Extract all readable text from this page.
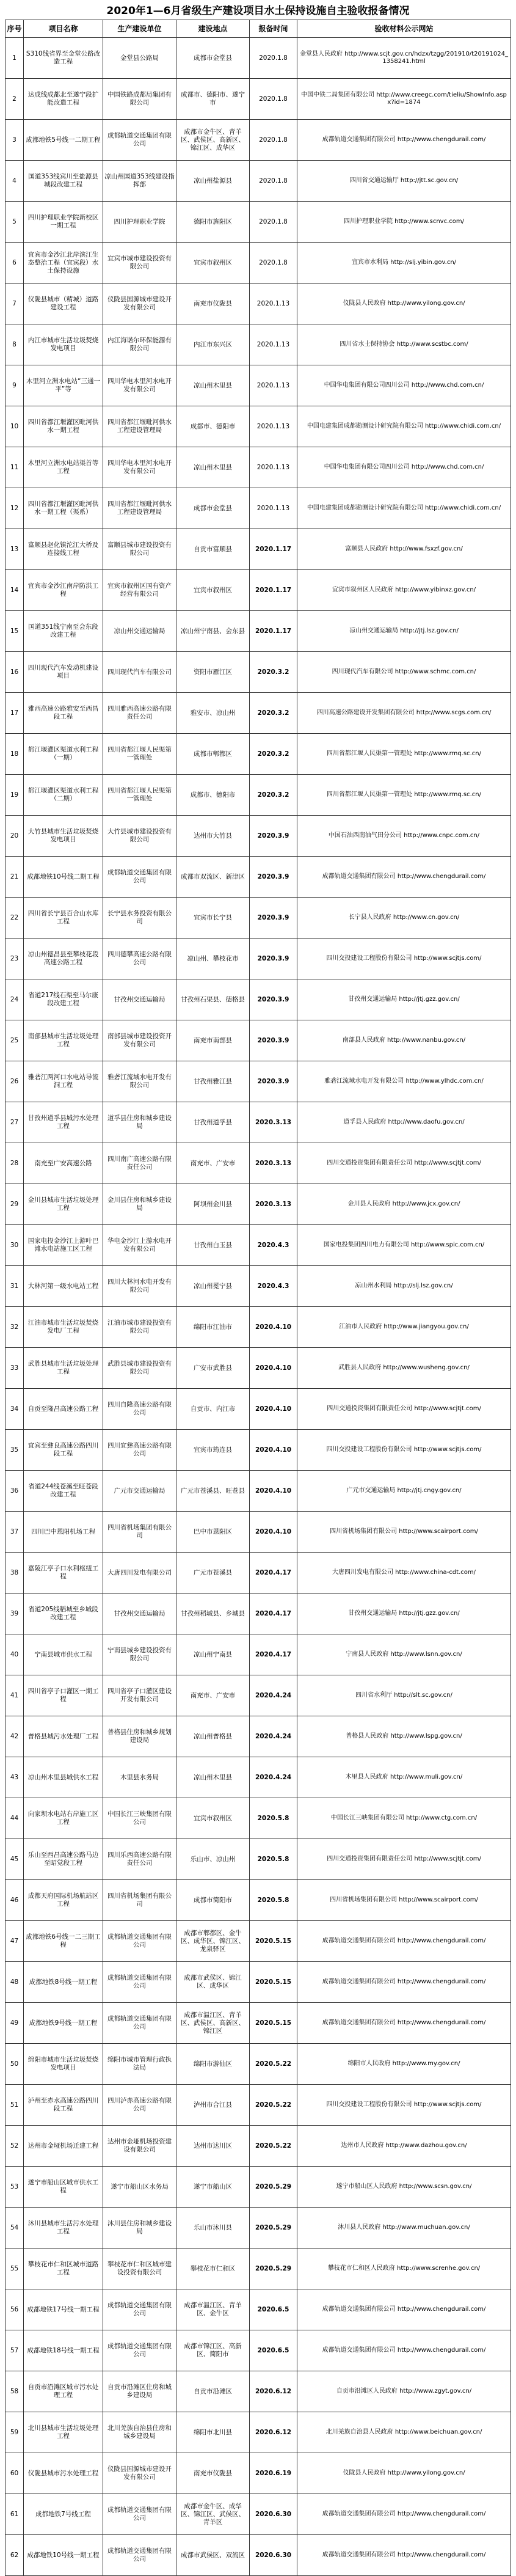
2020年1—6月省级生产建设项目水土保持设施自主验收报备情况
序号	项目名称	生产建设单位	建设地点	报备时间	验收材料公示网站
1	S310线省界至金堂公路改造工程	金堂县公路局	成都市金堂县	2020.1.8	金堂县人民政府 http://www.scjt.gov.cn/hdzx/tzgg/201910/t20191024_1358241.html
2	达成线成都北至遂宁段扩能改造工程	中国铁路成都局集团有限公司	成都市、德阳市、遂宁市	2020.1.8	中国中铁二局集团有限公司 http://www.creegc.com/tieliu/ShowInfo.aspx?id=1874
3	成都地铁5号线一二期工程	成都轨道交通集团有限公司	成都市金牛区、青羊区、武侯区、高新区、锦江区、成华区	2020.1.8	成都轨道交通集团有限公司 http://www.chengdurail.com/
4	国道353线宾川至盐源县城段改建工程	凉山州国道353线建设指挥部	凉山州盐源县	2020.1.8	四川省交通运输厅 http://jtt.sc.gov.cn/
5	四川护理职业学院新校区一期工程	四川护理职业学院	德阳市旌阳区	2020.1.8	四川护理职业学院 http://www.scnvc.com/
6	宜宾市金沙江北岸滨江生态整治工程（宜宾段）水土保持设施	宜宾市城市建设投资有限公司	宜宾市叙州区	2020.1.8	宜宾市水利局 http://slj.yibin.gov.cn/
7	仪陇县城市（精城）道路建设工程	仪陇县国源城市建设开发有限公司	南充市仪陇县	2020.1.13	仪陇县人民政府 http://www.yilong.gov.cn/
8	内江市城市生活垃圾焚烧发电项目	内江海诺尔环保能源有限公司	内江市东兴区	2020.1.13	四川省水土保持协会 http://www.scstbc.com/
9	木里河立洲水电站“三通一平”等	四川华电木里河水电开发有限公司	凉山州木里县	2020.1.13	中国华电集团有限公司四川公司 http://www.chd.com.cn/
10	四川省都江堰灌区毗河供水一期工程	四川省都江堰毗河供水工程建设管理局	成都市、德阳市	2020.1.13	中国电建集团成都勘测设计研究院有限公司 http://www.chidi.com.cn/
11	木里河立洲水电站渠首等工程	四川华电木里河水电开发有限公司	凉山州木里县	2020.1.13	中国华电集团有限公司四川公司 http://www.chd.com.cn/
12	四川省都江堰灌区毗河供水一期工程（渠系）	四川省都江堰毗河供水工程建设管理局	成都市金堂县	2020.1.13	中国电建集团成都勘测设计研究院有限公司 http://www.chidi.com.cn/
13	富顺县赵化镇沱江大桥及连接线工程	富顺县城市建设投资有限公司	自贡市富顺县	2020.1.17	富顺县人民政府 http://www.fsxzf.gov.cn/
14	宜宾市金沙江南岸防洪工程	宜宾市叙州区国有资产经营有限公司	宜宾市叙州区	2020.1.17	宜宾市叙州区人民政府 http://www.yibinxz.gov.cn/
15	国道351线宁南至会东段改建工程	凉山州交通运输局	凉山州宁南县、会东县	2020.1.17	凉山州交通运输局 http://jtj.lsz.gov.cn/
16	四川现代汽车发动机建设项目	四川现代汽车有限公司	资阳市雁江区	2020.3.2	四川现代汽车有限公司 http://www.schmc.com.cn/
17	雅西高速公路雅安至西昌段工程	四川雅西高速公路有限责任公司	雅安市、凉山州	2020.3.2	四川高速公路建设开发集团有限公司 http://www.scgs.com.cn/
18	都江堰灌区渠道水利工程（一期）	四川省都江堰人民渠第一管理处	成都市郫都区	2020.3.2	四川省都江堰人民渠第一管理处 http://www.rmq.sc.cn/
19	都江堰灌区渠道水利工程（二期）	四川省都江堰人民渠第一管理处	成都市、德阳市	2020.3.2	四川省都江堰人民渠第一管理处 http://www.rmq.sc.cn/
20	大竹县城市生活垃圾焚烧发电项目	大竹县城市建设投资有限公司	达州市大竹县	2020.3.9	中国石油西南油气田分公司 http://www.cnpc.com.cn/
21	成都地铁10号线二期工程	成都轨道交通集团有限公司	成都市双流区、新津区	2020.3.9	成都轨道交通集团有限公司 http://www.chengdurail.com/
22	四川省长宁县百合山水库工程	长宁县水务投资有限公司	宜宾市长宁县	2020.3.9	长宁县人民政府 http://www.cn.gov.cn/
23	凉山州德昌县至攀枝花段高速公路工程	四川德攀高速公路有限公司	凉山州、攀枝花市	2020.3.9	四川交投建设工程股份有限公司 http://www.scjtjs.com/
24	省道217线石渠至马尔康段改建工程	甘孜州交通运输局	甘孜州石渠县、德格县	2020.3.9	甘孜州交通运输局 http://jtj.gzz.gov.cn/
25	南部县城市生活垃圾处理工程	南部县城市建设投资开发有限公司	南充市南部县	2020.3.9	南部县人民政府 http://www.nanbu.gov.cn/
26	雅砻江两河口水电站导流洞工程	雅砻江流域水电开发有限公司	甘孜州雅江县	2020.3.9	雅砻江流域水电开发有限公司 http://www.ylhdc.com.cn/
27	甘孜州道孚县城污水处理工程	道孚县住房和城乡建设局	甘孜州道孚县	2020.3.13	道孚县人民政府 http://www.daofu.gov.cn/
28	南充至广安高速公路	四川南广高速公路有限责任公司	南充市、广安市	2020.3.13	四川交通投资集团有限责任公司 http://www.scjtjt.com/
29	金川县城市生活垃圾处理工程	金川县住房和城乡建设局	阿坝州金川县	2020.3.13	金川县人民政府 http://www.jcx.gov.cn/
30	国家电投金沙江上游叶巴滩水电站施工区工程	华电金沙江上游水电开发有限公司	甘孜州白玉县	2020.4.3	国家电投集团四川电力有限公司 http://www.spic.com.cn/
31	大林河第一级水电站工程	四川大林河水电开发有限公司	凉山州冕宁县	2020.4.3	凉山州水利局 http://slj.lsz.gov.cn/
32	江油市城市生活垃圾焚烧发电厂工程	江油市城市建设投资有限公司	绵阳市江油市	2020.4.10	江油市人民政府 http://www.jiangyou.gov.cn/
33	武胜县城市生活垃圾处理工程	武胜县城市建设投资有限公司	广安市武胜县	2020.4.10	武胜县人民政府 http://www.wusheng.gov.cn/
34	自贡至隆昌高速公路工程	四川自隆高速公路有限公司	自贡市、内江市	2020.4.10	四川交通投资集团有限责任公司 http://www.scjtjt.com/
35	宜宾至彝良高速公路四川段工程	四川宜彝高速公路有限公司	宜宾市筠连县	2020.4.10	四川交投建设工程股份有限公司 http://www.scjtjs.com/
36	省道244线苍溪至旺苍段改建工程	广元市交通运输局	广元市苍溪县、旺苍县	2020.4.10	广元市交通运输局 http://jtj.cngy.gov.cn/
37	四川巴中恩阳机场工程	四川省机场集团有限公司	巴中市恩阳区	2020.4.10	四川省机场集团有限公司 http://www.scairport.com/
38	嘉陵江亭子口水利枢纽工程	大唐四川发电有限公司	广元市苍溪县	2020.4.17	大唐四川发电有限公司 http://www.china-cdt.com/
39	省道205线稻城至乡城段改建工程	甘孜州交通运输局	甘孜州稻城县、乡城县	2020.4.17	甘孜州交通运输局 http://jtj.gzz.gov.cn/
40	宁南县城市供水工程	宁南县城乡建设投资有限公司	凉山州宁南县	2020.4.17	宁南县人民政府 http://www.lsnn.gov.cn/
41	四川省亭子口灌区一期工程	四川省亭子口灌区建设开发有限公司	南充市、广安市	2020.4.24	四川省水利厅 http://slt.sc.gov.cn/
42	普格县城污水处理厂工程	普格县住房和城乡规划建设局	凉山州普格县	2020.4.24	普格县人民政府 http://www.lspg.gov.cn/
43	凉山州木里县城供水工程	木里县水务局	凉山州木里县	2020.4.24	木里县人民政府 http://www.muli.gov.cn/
44	向家坝水电站右岸施工区工程	中国长江三峡集团有限公司	宜宾市叙州区	2020.5.8	中国长江三峡集团有限公司 http://www.ctg.com.cn/
45	乐山至西昌高速公路马边至昭觉段工程	四川乐西高速公路有限责任公司	乐山市、凉山州	2020.5.8	四川交通投资集团有限责任公司 http://www.scjtjt.com/
46	成都天府国际机场航站区工程	四川省机场集团有限公司	成都市简阳市	2020.5.8	四川省机场集团有限公司 http://www.scairport.com/
47	成都地铁6号线一二三期工程	成都轨道交通集团有限公司	成都市郫都区、金牛区、成华区、锦江区、龙泉驿区	2020.5.15	成都轨道交通集团有限公司 http://www.chengdurail.com/
48	成都地铁8号线一期工程	成都轨道交通集团有限公司	成都市武侯区、锦江区、成华区	2020.5.15	成都轨道交通集团有限公司 http://www.chengdurail.com/
49	成都地铁9号线一期工程	成都轨道交通集团有限公司	成都市温江区、青羊区、武侯区、高新区、锦江区	2020.5.15	成都轨道交通集团有限公司 http://www.chengdurail.com/
50	绵阳市城市生活垃圾焚烧发电项目	绵阳市城市管理行政执法局	绵阳市游仙区	2020.5.22	绵阳市人民政府 http://www.my.gov.cn/
51	泸州至赤水高速公路四川段工程	四川泸赤高速公路有限公司	泸州市合江县	2020.5.22	四川交投建设工程股份有限公司 http://www.scjtjs.com/
52	达州市金垭机场迁建工程	达州市金垭机场投资建设有限公司	达州市达川区	2020.5.22	达州市人民政府 http://www.dazhou.gov.cn/
53	遂宁市船山区城市供水工程	遂宁市船山区水务局	遂宁市船山区	2020.5.29	遂宁市船山区人民政府 http://www.scsn.gov.cn/
54	沐川县城市生活污水处理工程	沐川县住房和城乡建设局	乐山市沐川县	2020.5.29	沐川县人民政府 http://www.muchuan.gov.cn/
55	攀枝花市仁和区城市道路工程	攀枝花市仁和区城市建设投资有限公司	攀枝花市仁和区	2020.5.29	攀枝花市仁和区人民政府 http://www.screnhe.gov.cn/
56	成都地铁17号线一期工程	成都轨道交通集团有限公司	成都市温江区、青羊区、金牛区	2020.6.5	成都轨道交通集团有限公司 http://www.chengdurail.com/
57	成都地铁18号线一期工程	成都轨道交通集团有限公司	成都市锦江区、高新区、简阳市	2020.6.5	成都轨道交通集团有限公司 http://www.chengdurail.com/
58	自贡市沿滩区城市污水处理工程	自贡市沿滩区住房和城乡建设局	自贡市沿滩区	2020.6.12	自贡市沿滩区人民政府 http://www.zgyt.gov.cn/
59	北川县城市生活垃圾处理工程	北川羌族自治县住房和城乡建设局	绵阳市北川县	2020.6.12	北川羌族自治县人民政府 http://www.beichuan.gov.cn/
60	仪陇县城市污水处理工程	仪陇县国源城市建设开发有限公司	南充市仪陇县	2020.6.19	仪陇县人民政府 http://www.yilong.gov.cn/
61	成都地铁7号线工程	成都轨道交通集团有限公司	成都市金牛区、成华区、锦江区、武侯区、青羊区	2020.6.30	成都轨道交通集团有限公司 http://www.chengdurail.com/
62	成都地铁10号线一期工程	成都轨道交通集团有限公司	成都市武侯区、双流区	2020.6.30	成都轨道交通集团有限公司 http://www.chengdurail.com/
